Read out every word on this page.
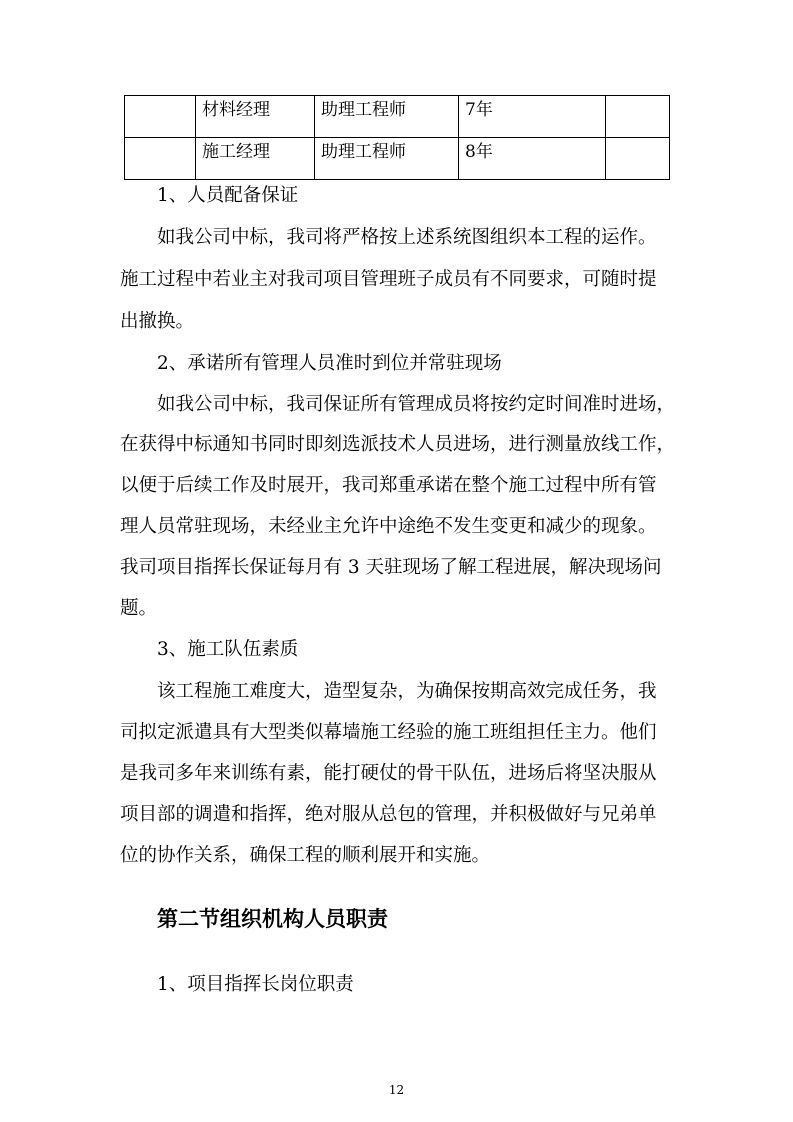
	材料经理	助理工程师	7年	
	施工经理	助理工程师	8年	
1、人员配备保证
如我公司中标，我司将严格按上述系统图组织本工程的运作。
施工过程中若业主对我司项目管理班子成员有不同要求，可随时提
出撤换。
2、承诺所有管理人员准时到位并常驻现场
如我公司中标，我司保证所有管理成员将按约定时间准时进场，
在获得中标通知书同时即刻选派技术人员进场，进行测量放线工作，
以便于后续工作及时展开，我司郑重承诺在整个施工过程中所有管
理人员常驻现场，未经业主允许中途绝不发生变更和减少的现象。
我司项目指挥长保证每月有 3 天驻现场了解工程进展，解决现场问
题。
3、施工队伍素质
该工程施工难度大，造型复杂，为确保按期高效完成任务，我
司拟定派遣具有大型类似幕墙施工经验的施工班组担任主力。他们
是我司多年来训练有素，能打硬仗的骨干队伍，进场后将坚决服从
项目部的调遣和指挥，绝对服从总包的管理，并积极做好与兄弟单
位的协作关系，确保工程的顺利展开和实施。
第二节组织机构人员职责
1、项目指挥长岗位职责
12
